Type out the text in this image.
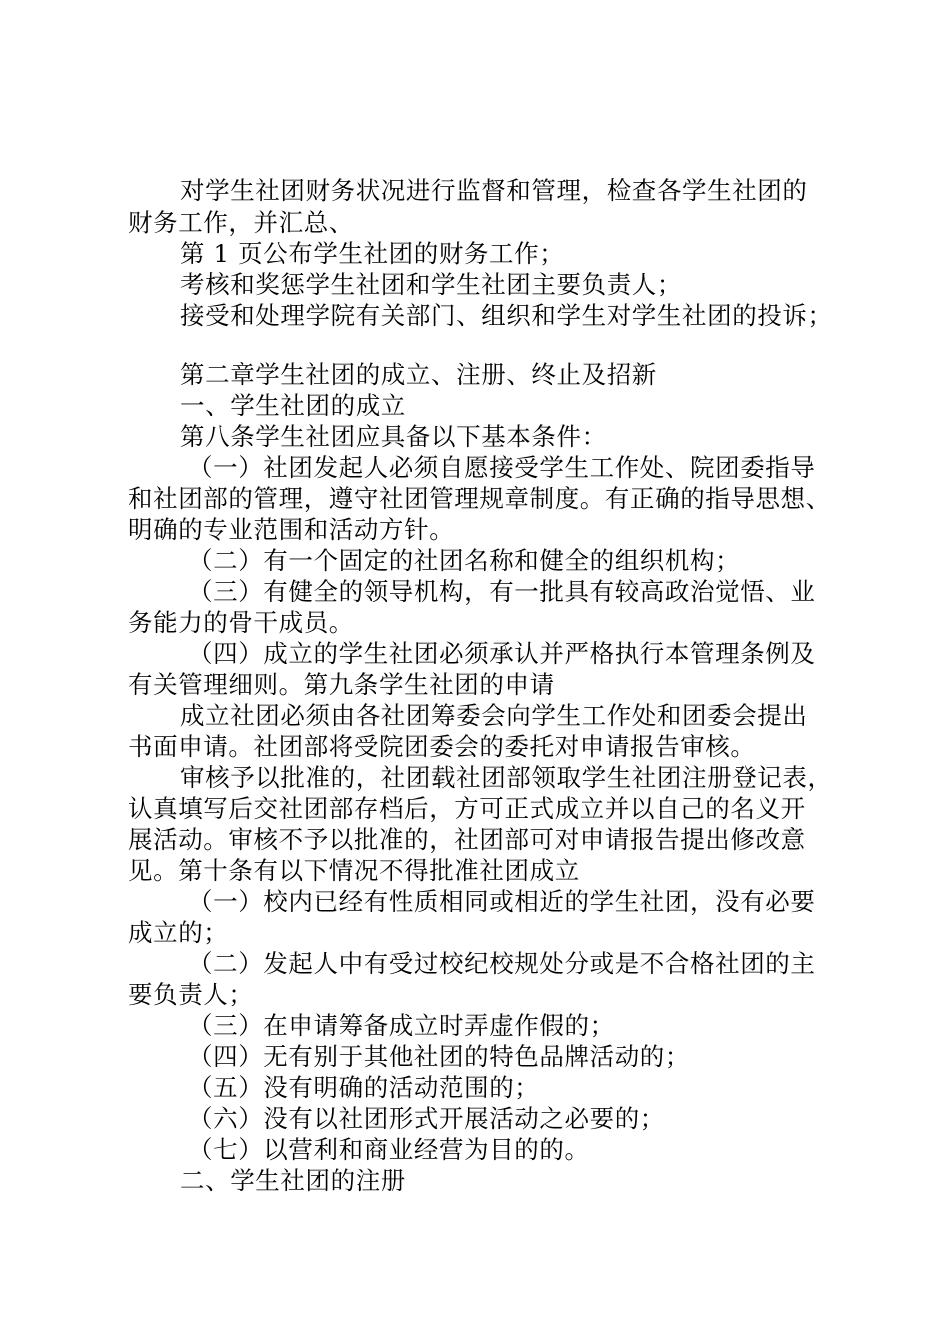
对学生社团财务状况进行监督和管理，检查各学生社团的
财务工作，并汇总、
第 1 页公布学生社团的财务工作；
考核和奖惩学生社团和学生社团主要负责人；
接受和处理学院有关部门、组织和学生对学生社团的投诉；
第二章学生社团的成立、注册、终止及招新
一、学生社团的成立
第八条学生社团应具备以下基本条件：
（一）社团发起人必须自愿接受学生工作处、院团委指导
和社团部的管理，遵守社团管理规章制度。有正确的指导思想、
明确的专业范围和活动方针。
（二）有一个固定的社团名称和健全的组织机构；
（三）有健全的领导机构，有一批具有较高政治觉悟、业
务能力的骨干成员。
（四）成立的学生社团必须承认并严格执行本管理条例及
有关管理细则。第九条学生社团的申请
成立社团必须由各社团筹委会向学生工作处和团委会提出
书面申请。社团部将受院团委会的委托对申请报告审核。
审核予以批准的，社团载社团部领取学生社团注册登记表，
认真填写后交社团部存档后，方可正式成立并以自己的名义开
展活动。审核不予以批准的，社团部可对申请报告提出修改意
见。第十条有以下情况不得批准社团成立
（一）校内已经有性质相同或相近的学生社团，没有必要
成立的；
（二）发起人中有受过校纪校规处分或是不合格社团的主
要负责人；
（三）在申请筹备成立时弄虚作假的；
（四）无有别于其他社团的特色品牌活动的；
（五）没有明确的活动范围的；
（六）没有以社团形式开展活动之必要的；
（七）以营利和商业经营为目的的。
二、学生社团的注册
